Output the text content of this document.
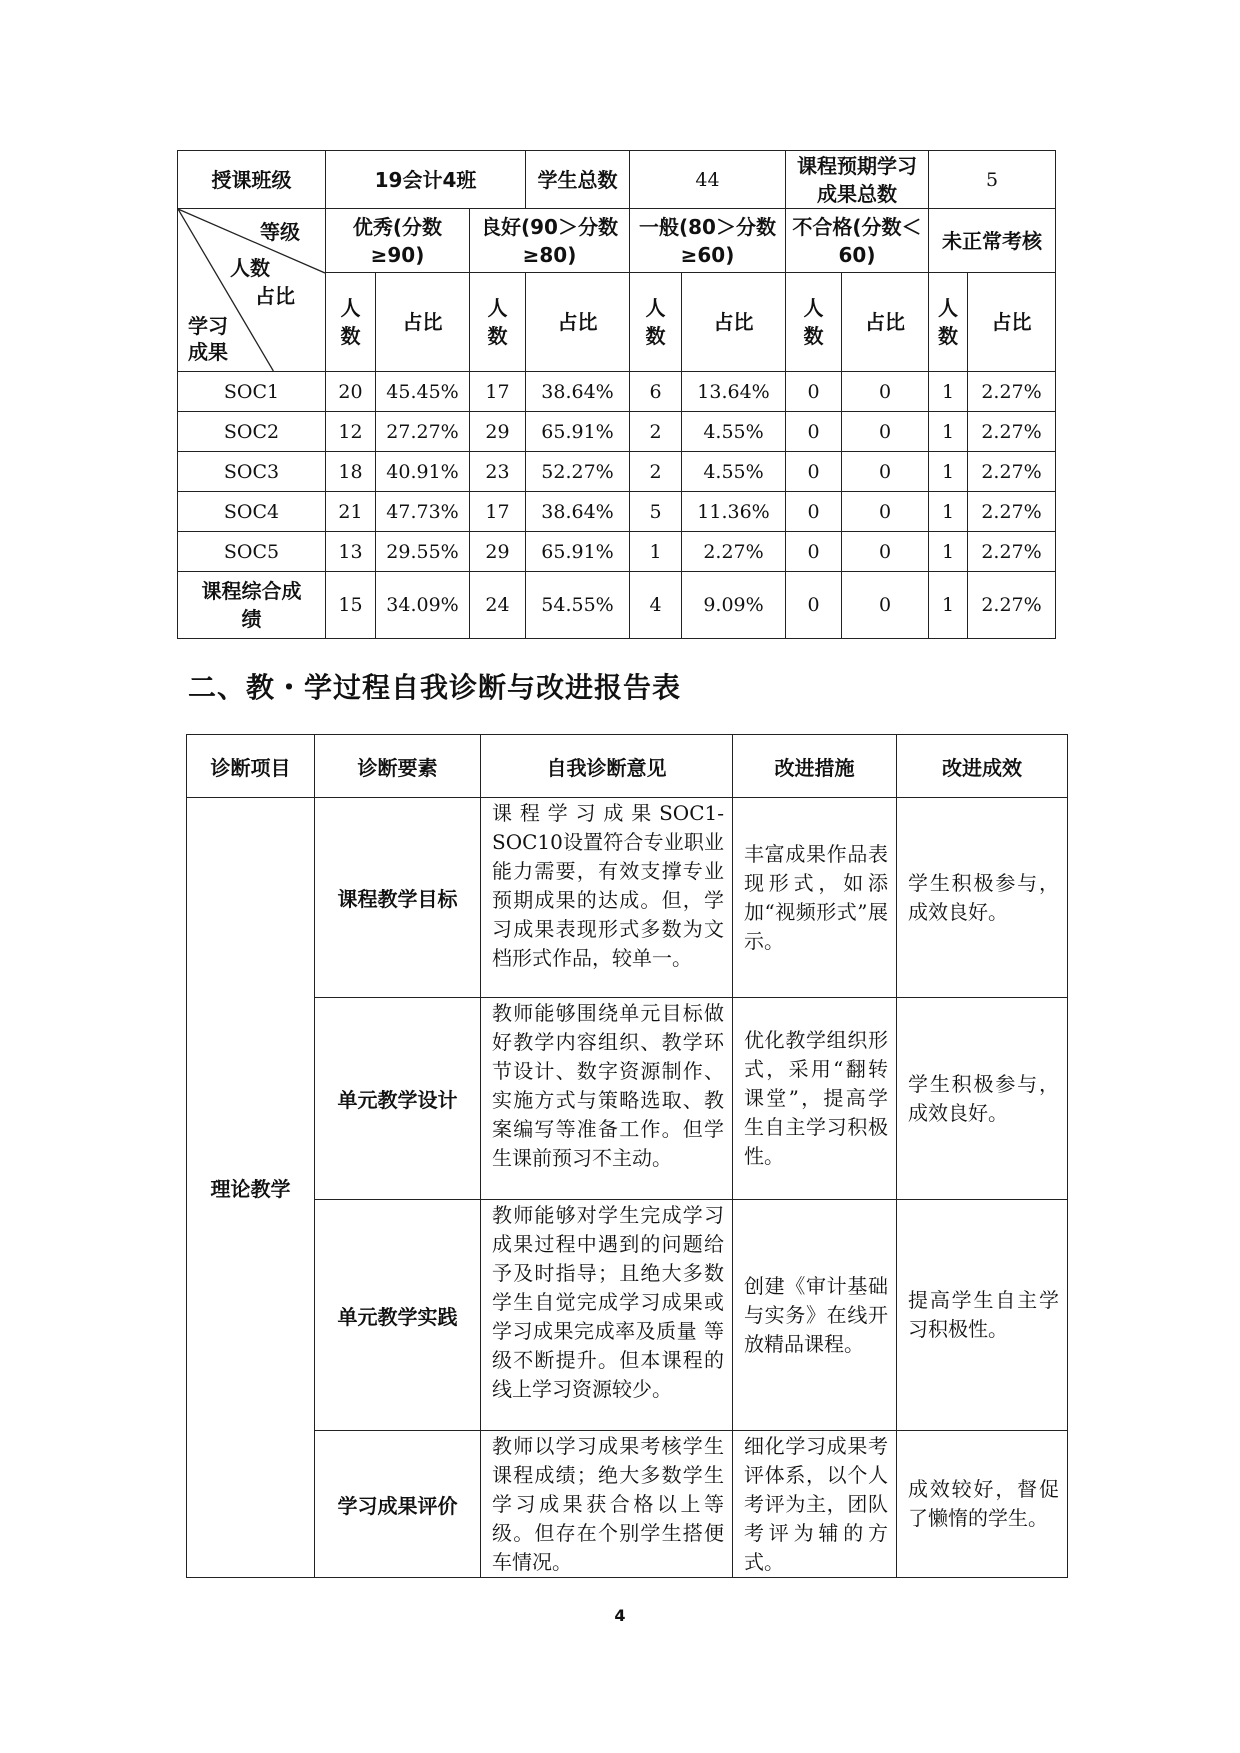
授课班级	19会计4班			学生总数	44		课程预期学习成果总数		5	

等级
人数
占比
学习
成果	优秀(分数≥90)		良好(90＞分数≥80)		一般(80＞分数≥60)		不合格(分数＜60)		未正常考核	
	人数	占比	人数	占比	人数	占比	人数	占比	人数	占比
SOC1	20	45.45%	17	38.64%	6	13.64%	0	0	1	2.27%
SOC2	12	27.27%	29	65.91%	2	4.55%	0	0	1	2.27%
SOC3	18	40.91%	23	52.27%	2	4.55%	0	0	1	2.27%
SOC4	21	47.73%	17	38.64%	5	11.36%	0	0	1	2.27%
SOC5	13	29.55%	29	65.91%	1	2.27%	0	0	1	2.27%
课程综合成绩	15	34.09%	24	54.55%	4	9.09%	0	0	1	2.27%
二、教・学过程自我诊断与改进报告表
诊断项目	诊断要素	自我诊断意见	改进措施	改进成效
理论教学	课程教学目标	课程学习成果SOC1-SOC10设置符合专业职业能力需要，有效支撑专业预期成果的达成。但，学习成果表现形式多数为文档形式作品，较单一。	丰富成果作品表现形式，如添加“视频形式”展示。	学生积极参与，成效良好。
	单元教学设计	教师能够围绕单元目标做好教学内容组织、教学环节设计、数字资源制作、实施方式与策略选取、教案编写等准备工作。但学生课前预习不主动。	优化教学组织形式，采用“翻转课堂”，提高学生自主学习积极性。	学生积极参与，成效良好。
	单元教学实践	教师能够对学生完成学习成果过程中遇到的问题给予及时指导；且绝大多数学生自觉完成学习成果或学习成果完成率及质量 等级不断提升。但本课程的线上学习资源较少。	创建《审计基础与实务》在线开放精品课程。	提高学生自主学习积极性。
	学习成果评价	教师以学习成果考核学生课程成绩；绝大多数学生学习成果获合格以上等级。但存在个别学生搭便车情况。	细化学习成果考评体系，以个人考评为主，团队考评为辅的方式。	成效较好，督促了懒惰的学生。
4
